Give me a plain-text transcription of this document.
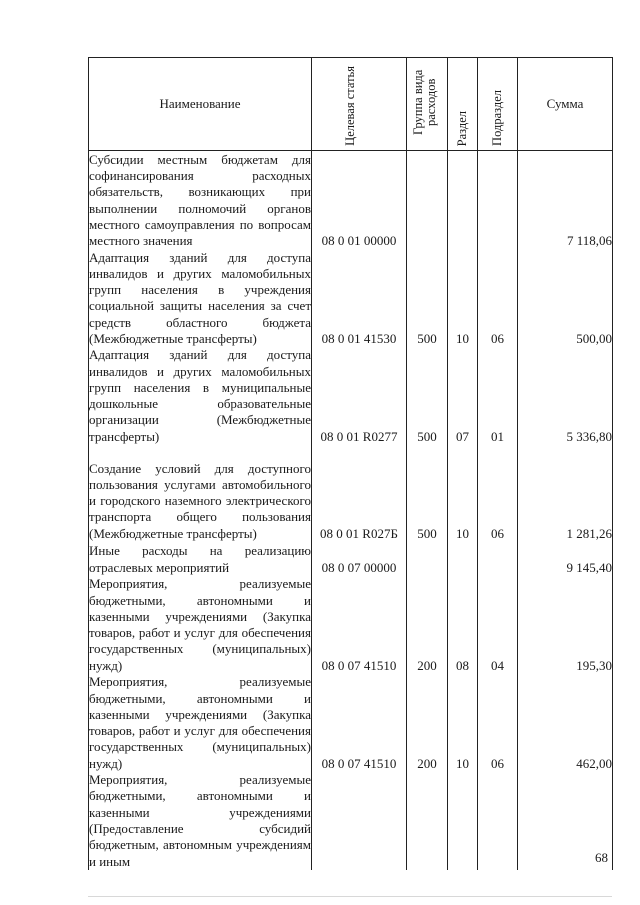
Наименование	Целевая статья	Группа вида расходов	Раздел	Подраздел	Сумма
Субсидии местным бюджетам для софинансирования расходных обязательств, возникающих при выполнении полномочий органов местного самоуправления по вопросам местного значения	08 0 01 00000				7 118,06
Адаптация зданий для доступа инвалидов и других маломобильных групп населения в учреждения социальной защиты населения за счет средств областного бюджета (Межбюджетные трансферты)	08 0 01 41530	500	10	06	500,00
Адаптация зданий для доступа инвалидов и других маломобильных групп населения в муниципальные дошкольные образовательные организации (Межбюджетные трансферты)	08 0 01 R0277	500	07	01	5 336,80
Создание условий для доступного пользования услугами автомобильного и городского наземного электрического транспорта общего пользования (Межбюджетные трансферты)	08 0 01 R027Б	500	10	06	1 281,26
Иные расходы на реализацию отраслевых мероприятий	08 0 07 00000				9 145,40
Мероприятия, реализуемые бюджетными, автономными и казенными учреждениями (Закупка товаров, работ и услуг для обеспечения государственных (муниципальных) нужд)	08 0 07 41510	200	08	04	195,30
Мероприятия, реализуемые бюджетными, автономными и казенными учреждениями (Закупка товаров, работ и услуг для обеспечения государственных (муниципальных) нужд)	08 0 07 41510	200	10	06	462,00
Мероприятия, реализуемые бюджетными, автономными и казенными учреждениями (Предоставление субсидий бюджетным, автономным учреждениям и иным						68
